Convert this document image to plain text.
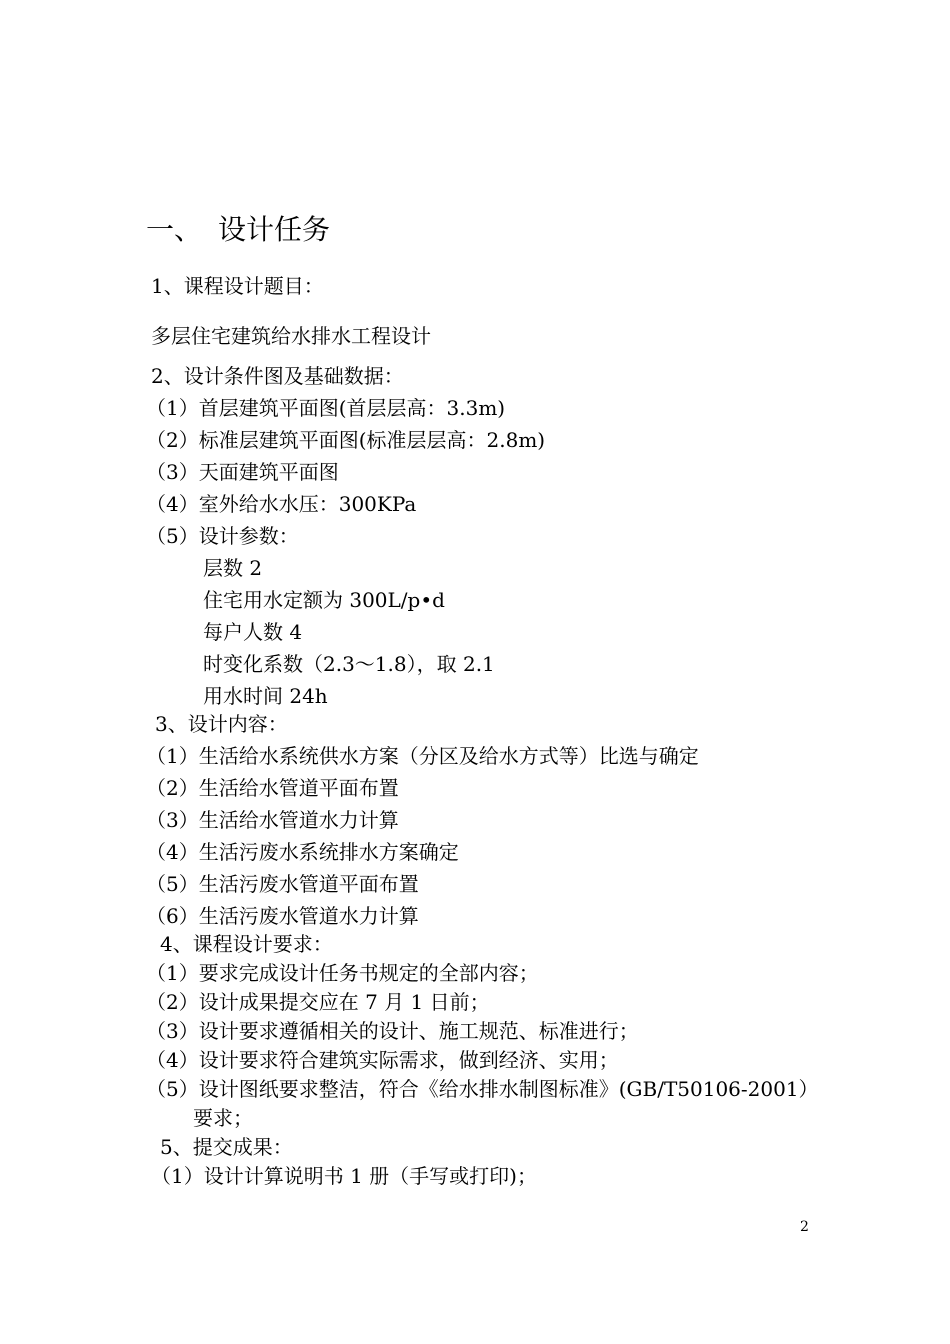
一、 设计任务
1、课程设计题目：
多层住宅建筑给水排水工程设计
2、设计条件图及基础数据：
（1）首层建筑平面图(首层层高：3.3m)
（2）标准层建筑平面图(标准层层高：2.8m)
（3）天面建筑平面图
（4）室外给水水压：300KPa
（5）设计参数：
层数 2
住宅用水定额为 300L/p•d
每户人数 4
时变化系数（2.3～1.8），取 2.1
用水时间 24h
3、设计内容：
（1）生活给水系统供水方案（分区及给水方式等）比选与确定
（2）生活给水管道平面布置
（3）生活给水管道水力计算
（4）生活污废水系统排水方案确定
（5）生活污废水管道平面布置
（6）生活污废水管道水力计算
4、课程设计要求：
（1）要求完成设计任务书规定的全部内容；
（2）设计成果提交应在 7 月 1 日前；
（3）设计要求遵循相关的设计、施工规范、标准进行；
（4）设计要求符合建筑实际需求，做到经济、实用；
（5）设计图纸要求整洁，符合《给水排水制图标准》(GB/T50106-2001）
要求；
5、提交成果：
（1）设计计算说明书 1 册（手写或打印)；
2
